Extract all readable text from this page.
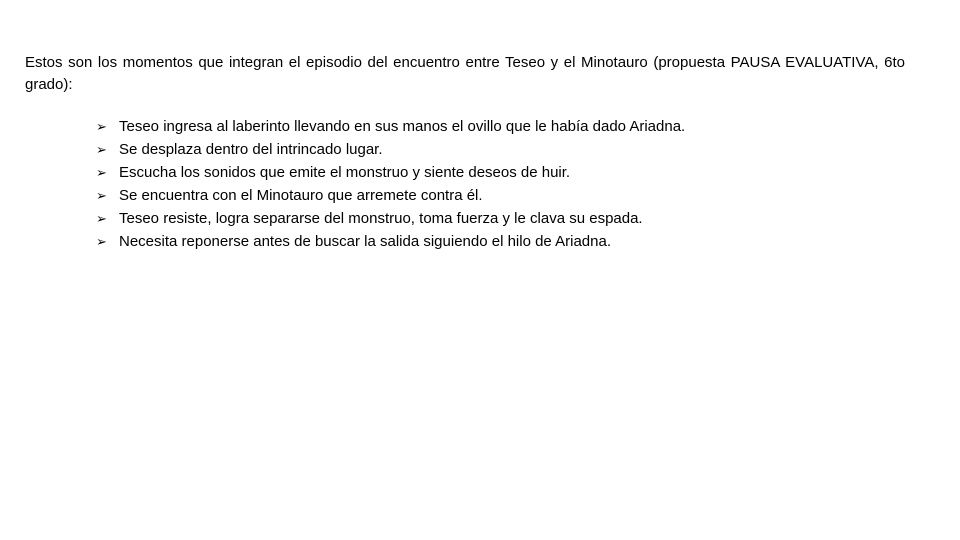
Estos son los momentos que integran el episodio del encuentro entre Teseo y el Minotauro (propuesta PAUSA EVALUATIVA, 6to grado):

➢ Teseo ingresa al laberinto llevando en sus manos el ovillo que le había dado Ariadna.
➢ Se desplaza dentro del intrincado lugar.
➢ Escucha los sonidos que emite el monstruo y siente deseos de huir.
➢ Se encuentra con el Minotauro que arremete contra él.
➢ Teseo resiste, logra separarse del monstruo, toma fuerza y le clava su espada.
➢ Necesita reponerse antes de buscar la salida siguiendo el hilo de Ariadna.
